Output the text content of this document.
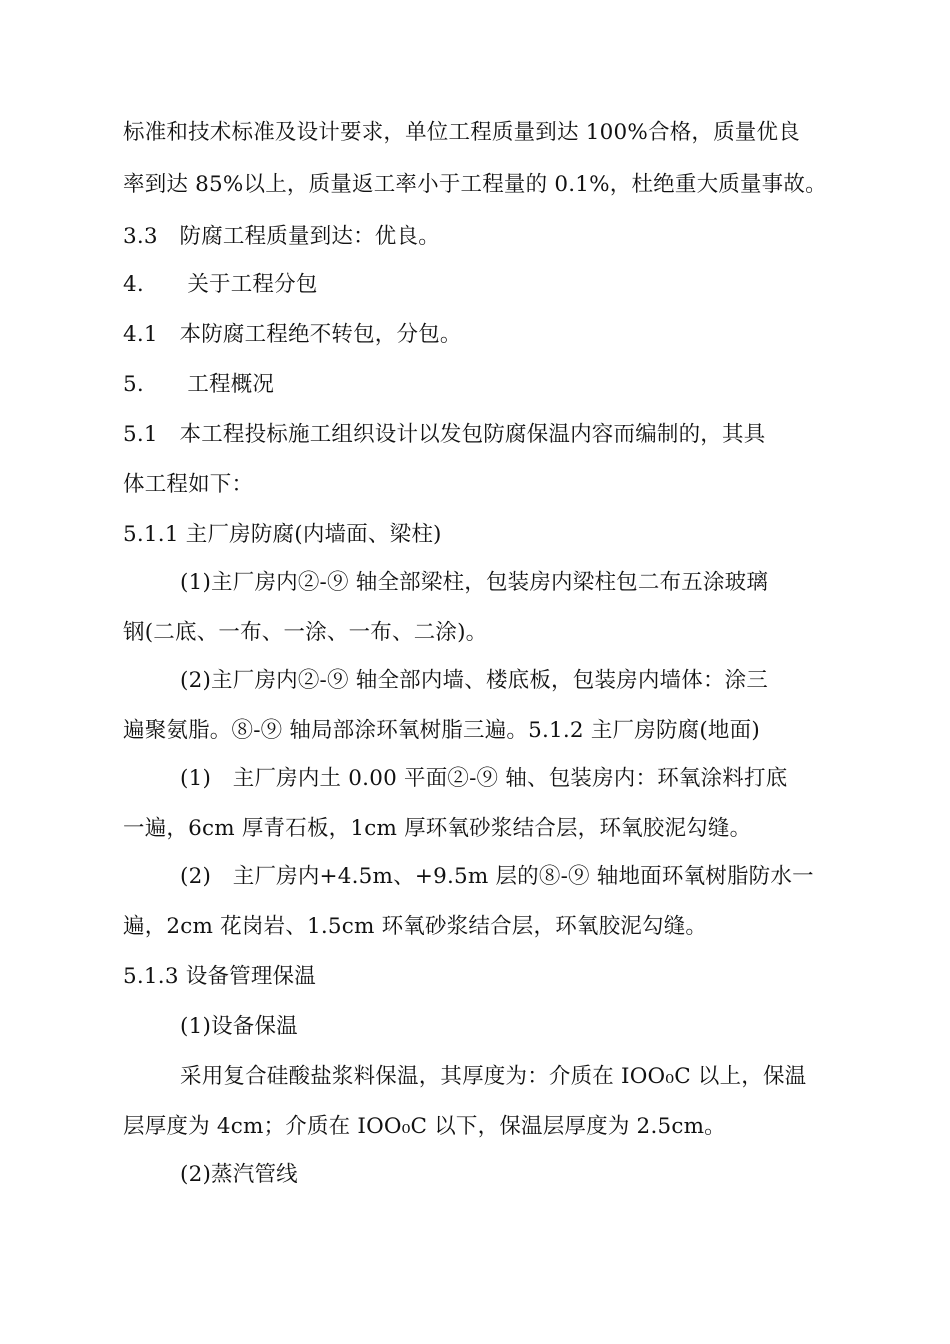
标准和技术标准及设计要求，单位工程质量到达 100%合格，质量优良
率到达 85%以上，质量返工率小于工程量的 0.1%，杜绝重大质量事故。
3.3　防腐工程质量到达：优良。
4.　　关于工程分包
4.1　本防腐工程绝不转包，分包。
5.　　工程概况
5.1　本工程投标施工组织设计以发包防腐保温内容而编制的，其具
体工程如下：
5.1.1 主厂房防腐(内墙面、梁柱)
(1)主厂房内②-⑨ 轴全部梁柱，包装房内梁柱包二布五涂玻璃
钢(二底、一布、一涂、一布、二涂)。
(2)主厂房内②-⑨ 轴全部内墙、楼底板，包装房内墙体：涂三
遍聚氨脂。⑧-⑨ 轴局部涂环氧树脂三遍。5.1.2 主厂房防腐(地面)
(1)　主厂房内土 0.00 平面②-⑨ 轴、包装房内：环氧涂料打底
一遍，6cm 厚青石板，1cm 厚环氧砂浆结合层，环氧胶泥勾缝。
(2)　主厂房内+4.5m、+9.5m 层的⑧-⑨ 轴地面环氧树脂防水一
遍，2cm 花岗岩、1.5cm 环氧砂浆结合层，环氧胶泥勾缝。
5.1.3 设备管理保温
(1)设备保温
采用复合硅酸盐浆料保温，其厚度为：介质在 IOO₀C 以上，保温
层厚度为 4cm；介质在 IOO₀C 以下，保温层厚度为 2.5cm。
(2)蒸汽管线
